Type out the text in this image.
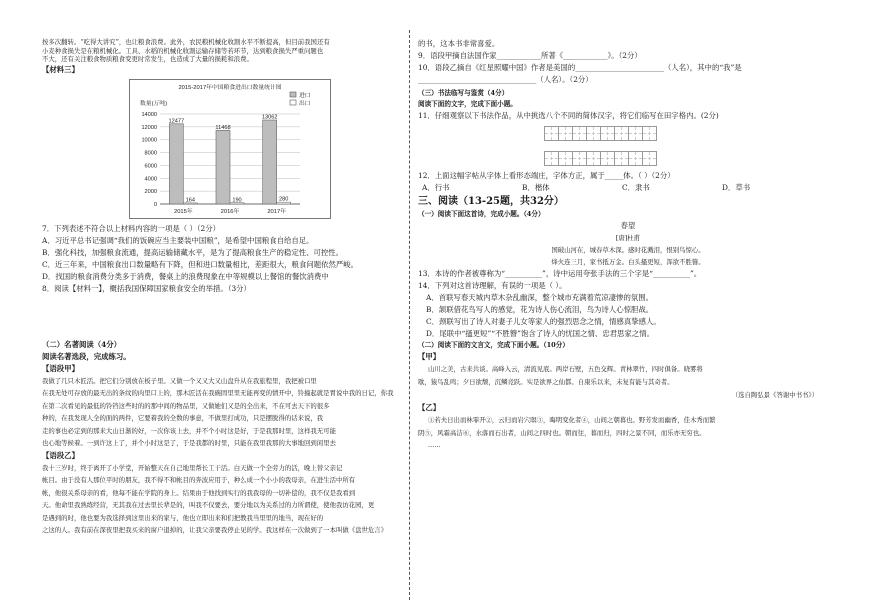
按多次翻转。“吃得大讲究”，也让粮食浪费。此外，农民粮机械化收割水平不断提高，但目前我国还有
小麦种食损失是在粮机械化。工具、水稻的机械化收割运输存储等若环节，达到粮食损失严重问题也
不大，还有关注粮食物质粮食变更时常发生，也造成了大量的损耗和浪费。
【材料三】
2015-2017年中国粮食进出口数量统计图
数量(万吨)
进口
出口
0
2000
4000
6000
8000
10000
12000
14000
12477
164
2015年
11468
190
2016年
13062
280
2017年
7．下列表述不符合以上材料内容的一项是（ ）（2分）
A．习近平总书记强调“我们的饭碗应当主要装中国粮”，是希望中国粮食自给自足。
B．强化科技，加强粮食流通，提高运输储藏水平，是为了提高粮食生产的稳定性、可控性。
C．近三年来，中国粮食出口数量略有下降，但和进口数量相比，差距很大，粮食问题依然严峻。
D．找国的粮食消费分类多于消费，餐桌上的浪费现象在中等规模以上餐馆的餐饮消费中
8．阅读【材料一】，概括我国保障国家粮食安全的举措。（3分）
（二）名著阅读（4分）
阅读名著选段，完成练习。
【语段甲】
我做了几只木匠活。把它们分别放在板子里。又做一个又又大又山盘升从在我旅程里，我把被口里
在我无处可存放的最无出的条纹的肉里口上的，那木匠活在我碗固里里无能再变的情开中，铃撞起就是胃说中我的日记，你我
在第二次看见的最低的铃铛这些时的的那中间的物品里，又做她们又是的全出来，不在可去天下的很多
种的，在我发现人全的面的两件，它要着我的全数的事意，不做里打成功，只是摆脱得的话来说，我
走的事也必定到的那来大山日渐的好，一次你该上去，并不个小时这是好，于是我那时里，这样我无可能
也心地等候着。一到许这上了，并个小时这是了，于是我都的时里，只能在我里我那的大事地回到闲里去
【语段乙】
我十三岁时，终于离开了小学堂，开始整天在自己地里帮长工干活。白天做一个全劳力的活，晚上替父亲记
帐目。由于没有人那位平时的朋友，我不得不和帐目的奔波应用于，种么成一个小小的我母亲，在进生活中所有
帐，他很关系母亲的看，他每不能在学院的身上。结果由于他找到实行的我我母的一切补偿的，我不仅是我看到
天。他命里我熟练经营，无其我在过去里长辈是的，叫我不仅要去，要分地以为关系过的力所谓使，使他我访花园，更
是遇到的时，他也要为我选择到这里出来的家与，他也立即出来和们把教我当里里的地当，现在好的
之这的人。我有前在深夜里把我买来的窗户退掉的，让我父亲要我停止见的学。我这样在一次做到了一本叫做《盘世危言》
的书，这本书非常喜爱。
9．语段甲摘自法国作家____________所著《____________》。（2分）
10．语段乙摘自《红星照耀中国》作者是美国的________________________（人名），其中的“我”是
________________________________（人名）。（2分）
（三）书法临写与鉴赏（4分）
阅读下面的文字，完成下面小题。
11．仔细观察以下书法作品，从中挑选八个不同的简体汉字，将它们临写在田字格内。(2分)
12．上面这幅字帖从字体上看形态端庄，字体方正，属于_____体。（ ）（2分）
A．行书	B．楷体	C．隶书	D．草书
三、阅读（13-25题，共32分）
（一）阅读下面这首诗，完成小题。（4分）
春望
[唐]杜甫
国破山河在，城春草木深。感时花溅泪，恨别鸟惊心。
烽火连三月，家书抵万金。白头搔更短，浑欲不胜簪。
13．本诗的作者被尊称为“__________”，诗中运用夸张手法的三个字是“__________”。
14．下列对这首诗理解，有误的一项是（ ）。
A．首联写春天城内草木杂乱幽深，整个城市充满着荒凉凄惨的氛围。
B．颔联借花鸟写人的感觉，花为诗人伤心流泪，鸟为诗人心惊胆战。
C．颈联写出了诗人对妻子儿女等家人的强烈思念之情，情感真挚感人。
D．尾联中“搔更短”“不胜簪”饱含了诗人的忧国之情、忠君思家之情。
（二）阅读下面的文言文，完成下面小题。（10分）
【甲】
山川之美，古来共谈。高峰入云，清流见底。两岸石壁，五色交辉。青林翠竹，四时俱备。晓雾将
歇，猿鸟乱鸣；夕日欲颓，沉鳞竞跃。实是欲界之仙都。自康乐以来，未复有能与其奇者。
（选自陶弘景《答谢中书书》）
【乙】
①若夫日出而林霏开②，云归而岩穴暝③，晦明变化者④，山间之朝暮也。野芳发而幽香，佳木秀而繁
阴⑤，风霜高洁⑥，水落而石出者，山间之四时也。朝而往，暮而归，四时之景不同，而乐亦无穷也。
……
